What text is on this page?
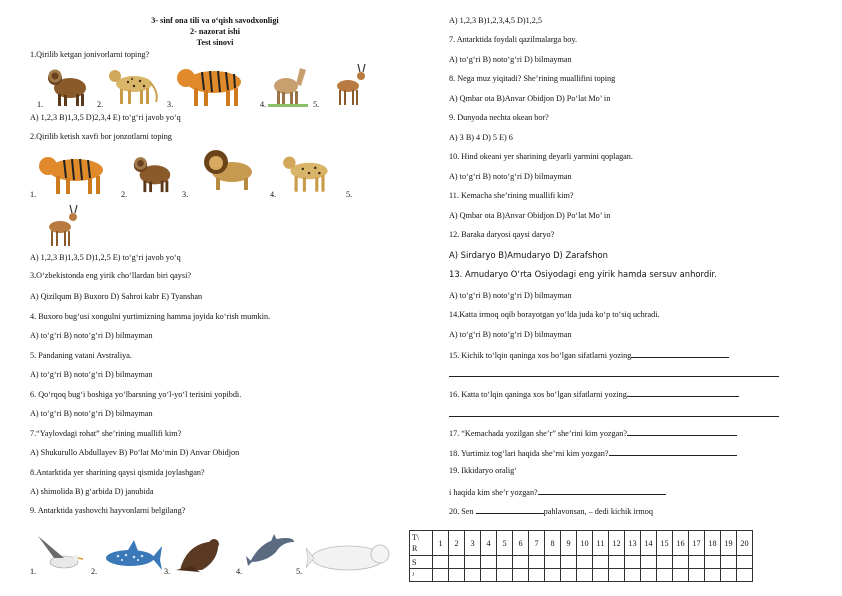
3- sinf ona tili va o‘qish savodxonligi
2- nazorat ishi
Test sinovi
1.Qirilib ketgan jonivorlarni toping?
1.	2.	3.	4.	5.
A) 1,2,3 B)1,3,5 D)2,3,4 E) to‘g‘ri javob yo‘q
2.Qirilib ketish xavfi bor jonzotlarni toping
1.	2.	3.	4.	5.
A) 1,2,3 B)1,3,5 D)1,2,5 E) to‘g‘ri javob yo‘q
3.O‘zbekistonda eng yirik cho‘llardan biri qaysi?
A) Qizilqum B) Buxoro D) Sahroi kabr E) Tyanshan
4. Buxoro bug‘usi xongulni yurtimizning hamma joyida ko‘rish mumkin.
A) to‘g‘ri B) noto‘g‘ri D) bilmayman
5. Pandaning vatani Avstraliya.
A) to‘g‘ri B) noto‘g‘ri D) bilmayman
6. Qo‘rqoq bug‘i boshiga yo‘lbarsning yo‘l-yo‘l terisini yopibdi.
A) to‘g‘ri B) noto‘g‘ri D) bilmayman
7.“Yaylovdagi rohat” she’rining muallifi kim?
A) Shukurullo Abdullayev B) Po‘lat Mo‘min D) Anvar Obidjon
8.Antarktida yer sharining qaysi qismida joylashgan?
A) shimolida B) g‘arbida D) janubida
9. Antarktida yashovchi hayvonlarni belgilang?
1.	2.	3.	4.	5.
A) 1,2,3 B)1,2,3,4,5 D)1,2,5
7. Antarktida foydali qazilmalarga boy.
A) to‘g‘ri B) noto‘g‘ri D) bilmayman
8. Nega muz yiqitadi? She’rining muallifini toping
A) Qmbar ota B)Anvar Obidjon D) Po‘lat Mo’ in
9. Dunyoda nechta okean bor?
A) 3 B) 4 D) 5 E) 6
10. Hind okeani yer sharining deyarli yarmini qoplagan.
A) to‘g‘ri B) noto‘g‘ri D) bilmayman
11. Kemacha she’rining muallifi kim?
A) Qmbar ota B)Anvar Obidjon D) Po‘lat Mo’ in
12. Baraka daryosi qaysi daryo?
A) Sirdaryo B)Amudaryo D) Zarafshon
13. Amudaryo O‘rta Osiyodagi eng yirik hamda sersuv anhordir.
A) to‘g‘ri B) noto‘g‘ri D) bilmayman
14.Katta irmoq oqib borayotgan yo‘lda juda ko‘p to‘siq uchradi.
A) to‘g‘ri B) noto‘g‘ri D) bilmayman
15. Kichik to‘lqin qaninga xos bo‘lgan sifatlarni yozing
16. Katta to‘lqin qaninga xos bo‘lgan sifatlarni yozing
17. “Kemachada yozilgan she’r” she’rini kim yozgan?
18. Yurtimiz tog‘lari haqida she’rni kim yozgan?
19. Ikkidaryo oralig‘
i haqida kim she’r yozgan?
20. Sen	pahlavonsan, – dedi kichik irmoq
T\
R	1	2	3	4	5	6	7	8	9	10	11	12	13	14	15	16	17	18	19	20
S																				
J																				
